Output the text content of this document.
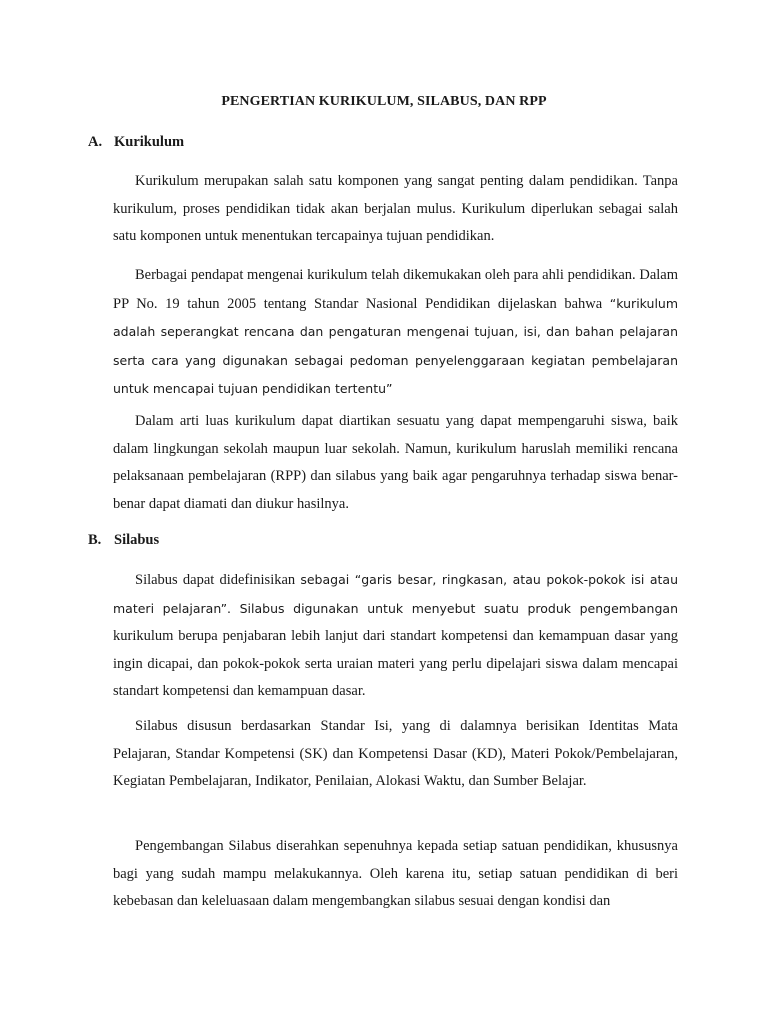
PENGERTIAN KURIKULUM, SILABUS, DAN RPP
A. Kurikulum

Kurikulum merupakan salah satu komponen yang sangat penting dalam pendidikan. Tanpa kurikulum, proses pendidikan tidak akan berjalan mulus. Kurikulum diperlukan sebagai salah satu komponen untuk menentukan tercapainya tujuan pendidikan.

Berbagai pendapat mengenai kurikulum telah dikemukakan oleh para ahli pendidikan. Dalam PP No. 19 tahun 2005 tentang Standar Nasional Pendidikan dijelaskan bahwa “kurikulum adalah seperangkat rencana dan pengaturan mengenai tujuan, isi, dan bahan pelajaran serta cara yang digunakan sebagai pedoman penyelenggaraan kegiatan pembelajaran untuk mencapai tujuan pendidikan tertentu”

Dalam arti luas kurikulum dapat diartikan sesuatu yang dapat mempengaruhi siswa, baik dalam lingkungan sekolah maupun luar sekolah. Namun, kurikulum haruslah memiliki rencana pelaksanaan pembelajaran (RPP) dan silabus yang baik agar pengaruhnya terhadap siswa benar-benar dapat diamati dan diukur hasilnya.

B. Silabus

Silabus dapat didefinisikan sebagai “garis besar, ringkasan, atau pokok-pokok isi atau materi pelajaran”. Silabus digunakan untuk menyebut suatu produk pengembangan kurikulum berupa penjabaran lebih lanjut dari standart kompetensi dan kemampuan dasar yang ingin dicapai, dan pokok-pokok serta uraian materi yang perlu dipelajari siswa dalam mencapai standart kompetensi dan kemampuan dasar.

Silabus disusun berdasarkan Standar Isi, yang di dalamnya berisikan Identitas Mata Pelajaran, Standar Kompetensi (SK) dan Kompetensi Dasar (KD), Materi Pokok/Pembelajaran, Kegiatan Pembelajaran, Indikator, Penilaian, Alokasi Waktu, dan Sumber Belajar.

Pengembangan Silabus diserahkan sepenuhnya kepada setiap satuan pendidikan, khususnya bagi yang sudah mampu melakukannya. Oleh karena itu, setiap satuan pendidikan di beri kebebasan dan keleluasaan dalam mengembangkan silabus sesuai dengan kondisi dan
